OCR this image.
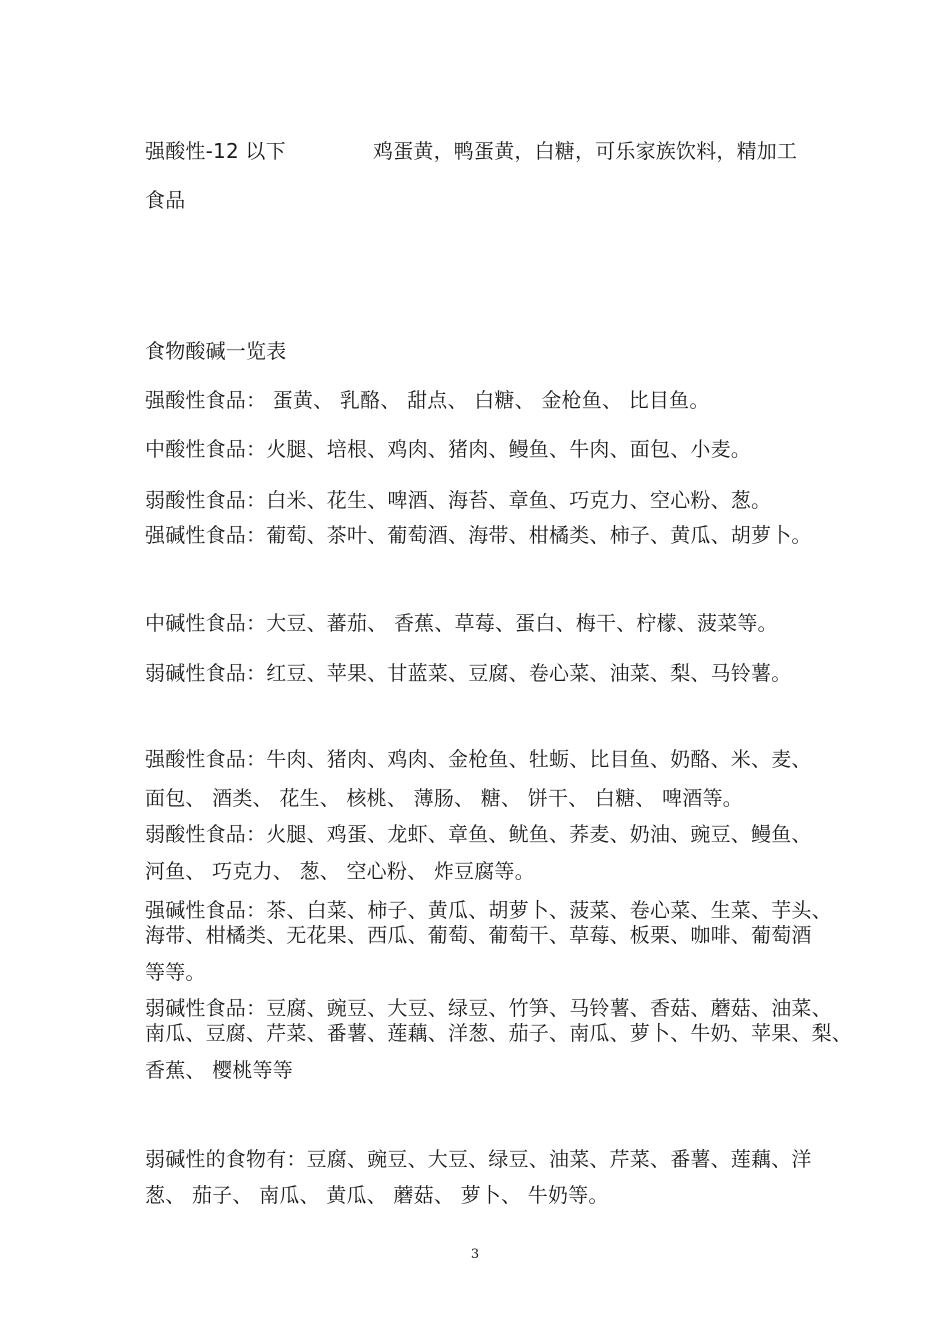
强酸性-12 以下	鸡蛋黄，鸭蛋黄，白糖，可乐家族饮料，精加工
食品
食物酸碱一览表
强酸性食品： 蛋黄、 乳酪、 甜点、 白糖、 金枪鱼、 比目鱼。
中酸性食品：火腿、培根、鸡肉、猪肉、鳗鱼、牛肉、面包、小麦。
弱酸性食品：白米、花生、啤酒、海苔、章鱼、巧克力、空心粉、葱。
强碱性食品：葡萄、茶叶、葡萄酒、海带、柑橘类、柿子、黄瓜、胡萝卜。
中碱性食品：大豆、蕃茄、 香蕉、草莓、蛋白、梅干、柠檬、菠菜等。
弱碱性食品：红豆、苹果、甘蓝菜、豆腐、卷心菜、油菜、梨、马铃薯。
强酸性食品：牛肉、猪肉、鸡肉、金枪鱼、牡蛎、比目鱼、奶酪、米、麦、
面包、 酒类、 花生、 核桃、 薄肠、 糖、 饼干、 白糖、 啤酒等。
弱酸性食品：火腿、鸡蛋、龙虾、章鱼、鱿鱼、荞麦、奶油、豌豆、鳗鱼、
河鱼、 巧克力、 葱、 空心粉、 炸豆腐等。
强碱性食品：茶、白菜、柿子、黄瓜、胡萝卜、菠菜、卷心菜、生菜、芋头、
海带、柑橘类、无花果、西瓜、葡萄、葡萄干、草莓、板栗、咖啡、葡萄酒
等等。
弱碱性食品：豆腐、豌豆、大豆、绿豆、竹笋、马铃薯、香菇、蘑菇、油菜、
南瓜、豆腐、芹菜、番薯、莲藕、洋葱、茄子、南瓜、萝卜、牛奶、苹果、梨、
香蕉、 樱桃等等
弱碱性的食物有：豆腐、豌豆、大豆、绿豆、油菜、芹菜、番薯、莲藕、洋
葱、 茄子、 南瓜、 黄瓜、 蘑菇、 萝卜、 牛奶等。
3
